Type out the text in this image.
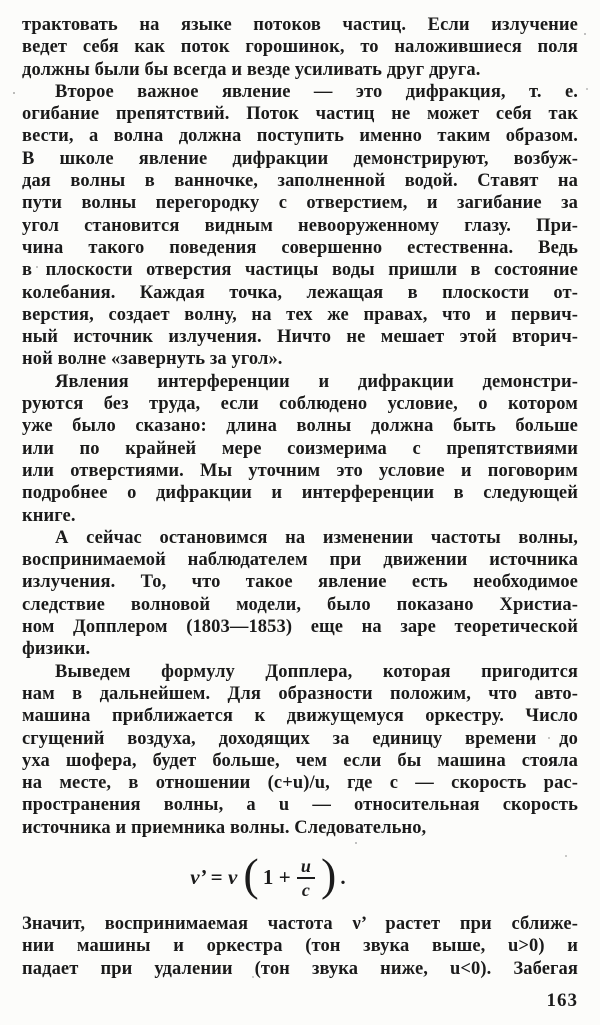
трактовать на языке потоков частиц. Если излучение
ведет себя как поток горошинок, то наложившиеся поля
должны были бы всегда и везде усиливать друг друга.
Второе важное явление — это дифракция, т. е.
огибание препятствий. Поток частиц не может себя так
вести, а волна должна поступить именно таким образом.
В школе явление дифракции демонстрируют, возбуж-
дая волны в ванночке, заполненной водой. Ставят на
пути волны перегородку с отверстием, и загибание за
угол становится видным невооруженному глазу. При-
чина такого поведения совершенно естественна. Ведь
в плоскости отверстия частицы воды пришли в состояние
колебания. Каждая точка, лежащая в плоскости от-
верстия, создает волну, на тех же правах, что и первич-
ный источник излучения. Ничто не мешает этой вторич-
ной волне «завернуть за угол».
Явления интерференции и дифракции демонстри-
руются без труда, если соблюдено условие, о котором
уже было сказано: длина волны должна быть больше
или по крайней мере соизмерима с препятствиями
или отверстиями. Мы уточним это условие и поговорим
подробнее о дифракции и интерференции в следующей
книге.
А сейчас остановимся на изменении частоты волны,
воспринимаемой наблюдателем при движении источника
излучения. То, что такое явление есть необходимое
следствие волновой модели, было показано Христиа-
ном Допплером (1803—1853) еще на заре теоретической
физики.
Выведем формулу Допплера, которая пригодится
нам в дальнейшем. Для образности положим, что авто-
машина приближается к движущемуся оркестру. Число
сгущений воздуха, доходящих за единицу времени до
уха шофера, будет больше, чем если бы машина стояла
на месте, в отношении (c+u)/u, где c — скорость рас-
пространения волны, а u — относительная скорость
источника и приемника волны. Следовательно,
ν’ = ν ( $1 + \frac{u}{c}$ ) .
Значит, воспринимаемая частота ν’ растет при сближе-
нии машины и оркестра (тон звука выше, u>0) и
падает при удалении (тон звука ниже, u<0). Забегая
163
